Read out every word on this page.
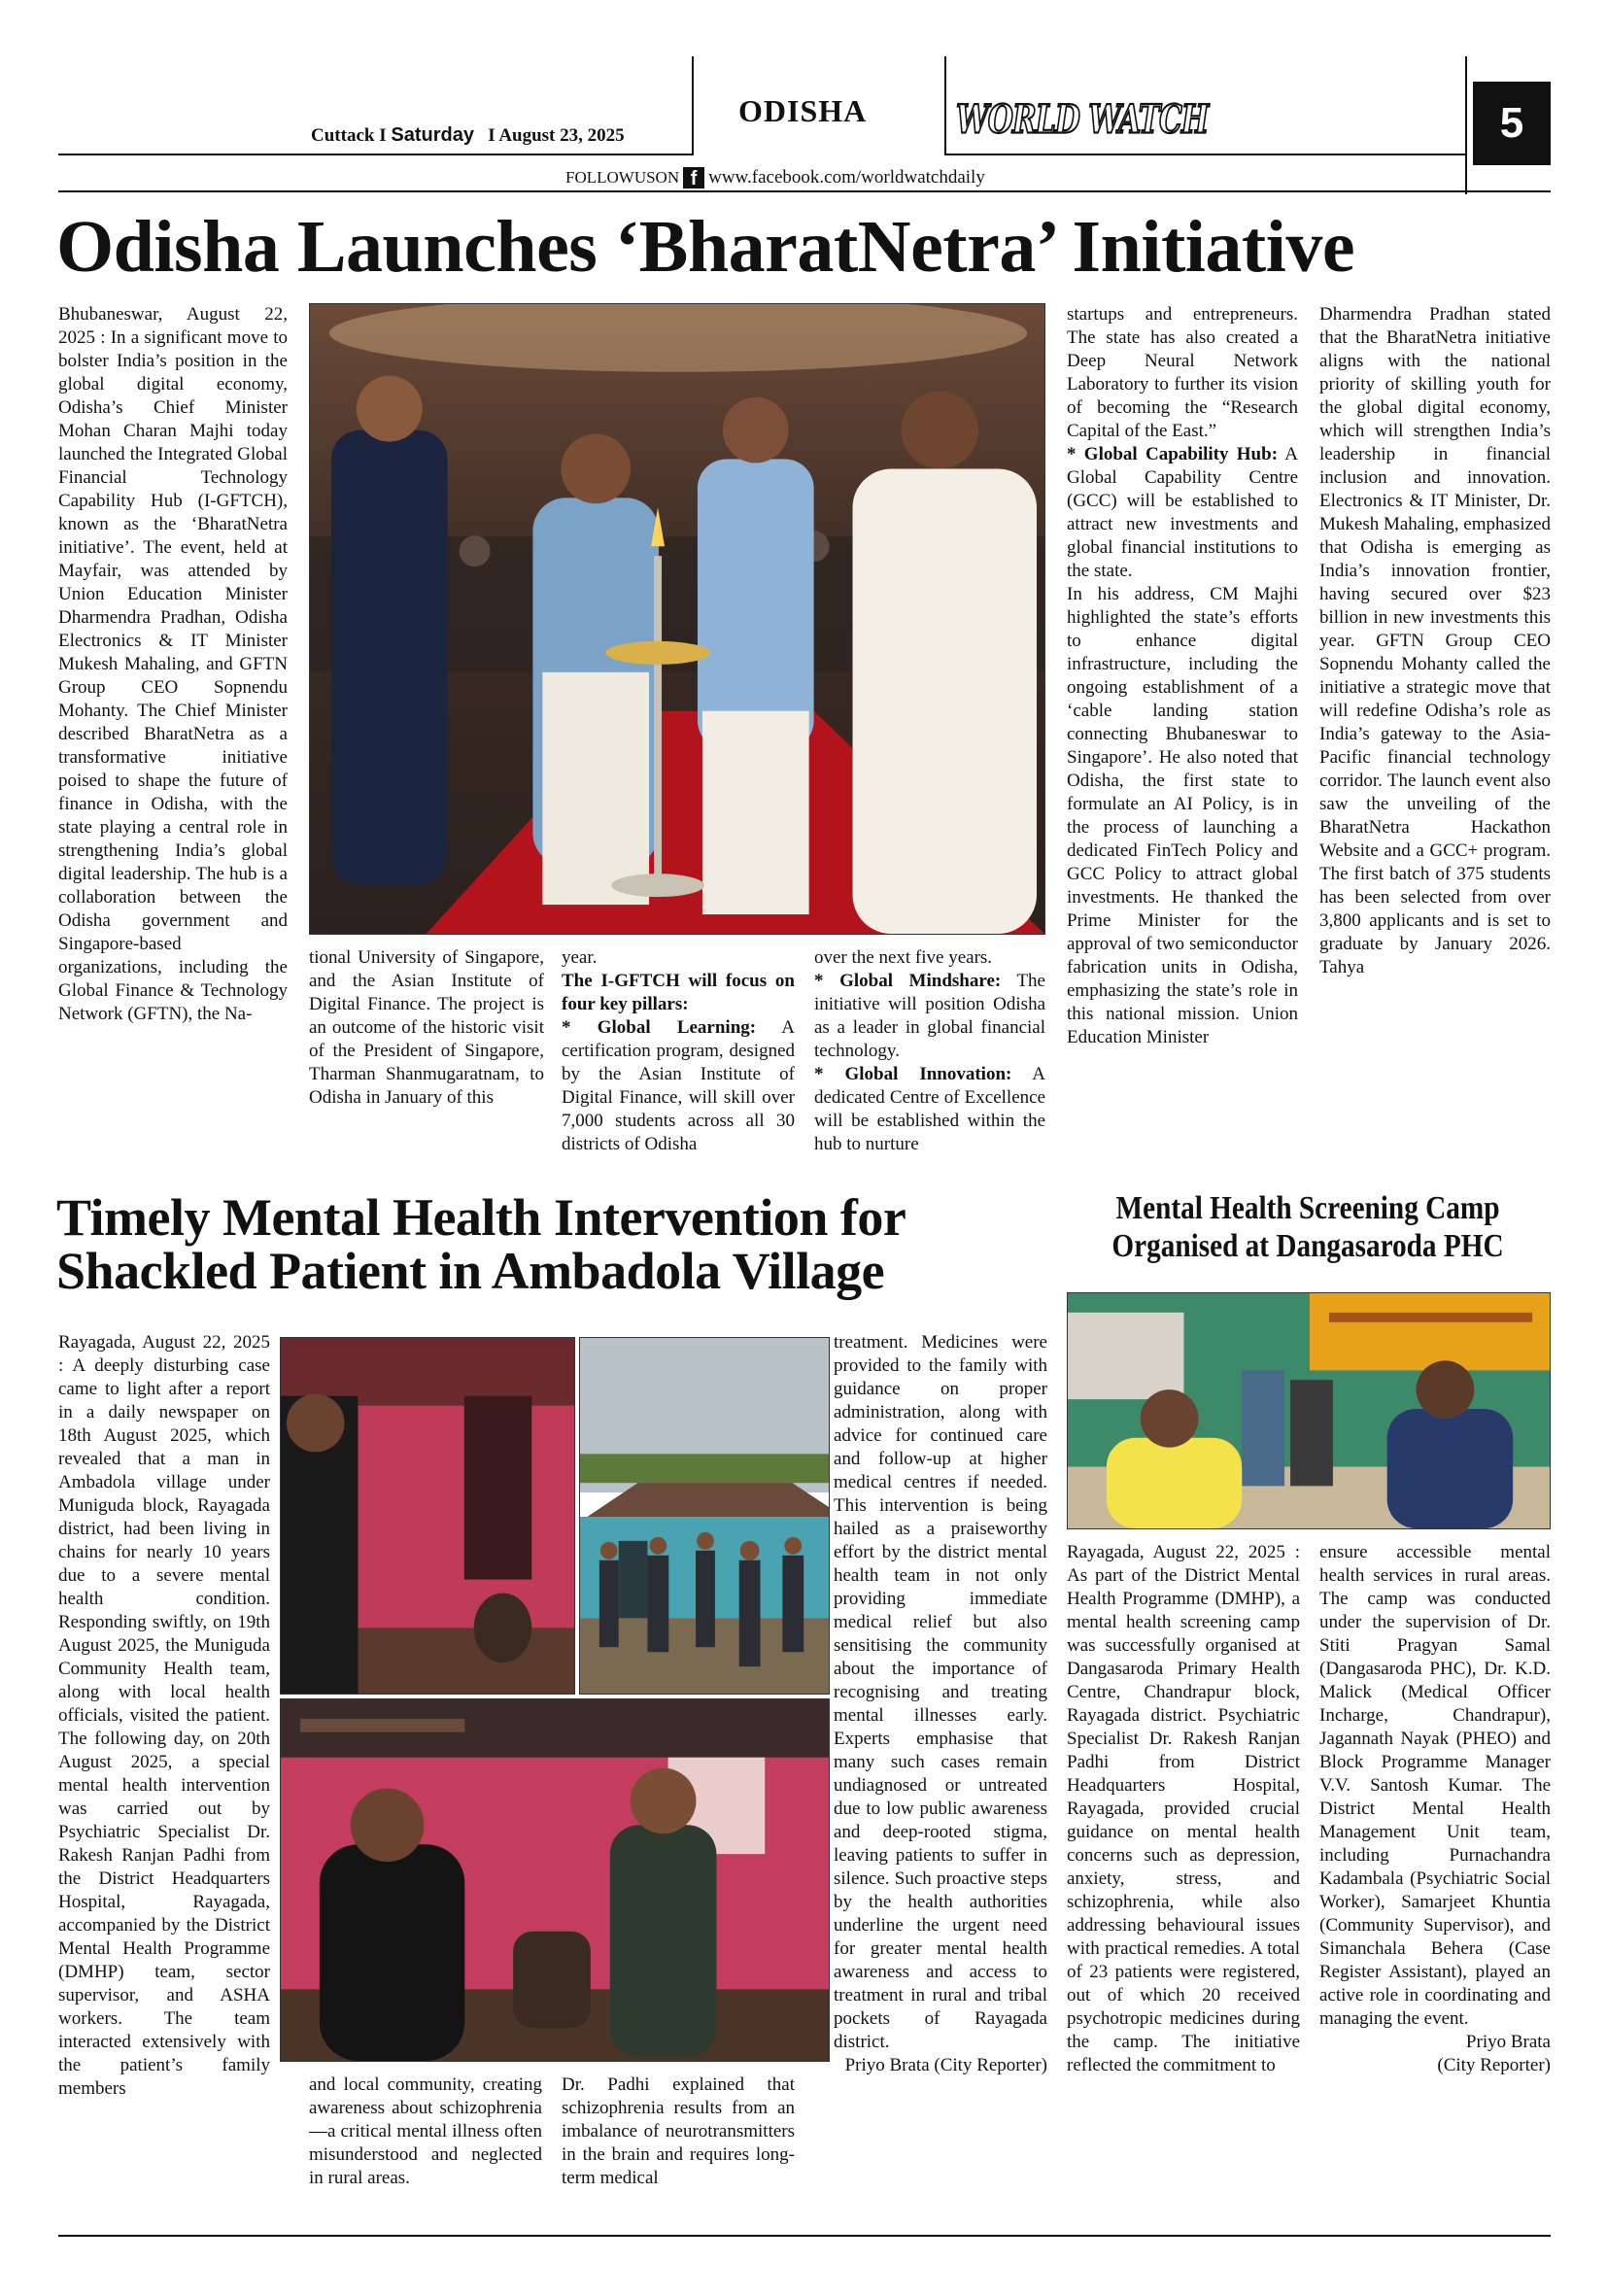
Cuttack I Saturday   I August 23, 2025
ODISHA	WORLD WATCH	5
FOLLOWUSON f www.facebook.com/worldwatchdaily
Odisha Launches ‘BharatNetra’ Initiative

Bhubaneswar, August 22, 2025 : In a significant move to bolster India’s position in the global digital economy, Odisha’s Chief Minister Mohan Charan Majhi today launched the Integrated Global Financial Technology Capability Hub (I-GFTCH), known as the ‘BharatNetra initiative’. The event, held at Mayfair, was attended by Union Education Minister Dharmendra Pradhan, Odisha Electronics & IT Minister Mukesh Mahaling, and GFTN Group CEO Sopnendu Mohanty. The Chief Minister described BharatNetra as a transformative initiative poised to shape the future of finance in Odisha, with the state playing a central role in strengthening India’s global digital leadership. The hub is a collaboration between the Odisha government and Singapore-based organizations, including the Global Finance & Technology Network (GFTN), the Na-

tional University of Singapore, and the Asian Institute of Digital Finance. The project is an outcome of the historic visit of the President of Singapore, Tharman Shanmugaratnam, to Odisha in January of this

year.

The I-GFTCH will focus on four key pillars:

* Global Learning: A certification program, designed by the Asian Institute of Digital Finance, will skill over 7,000 students across all 30 districts of Odisha

over the next five years.

* Global Mindshare: The initiative will position Odisha as a leader in global financial technology.

* Global Innovation: A dedicated Centre of Excellence will be established within the hub to nurture

startups and entrepreneurs. The state has also created a Deep Neural Network Laboratory to further its vision of becoming the “Research Capital of the East.”

* Global Capability Hub: A Global Capability Centre (GCC) will be established to attract new investments and global financial institutions to the state.

In his address, CM Majhi highlighted the state’s efforts to enhance digital infrastructure, including the ongoing establishment of a ‘cable landing station connecting Bhubaneswar to Singapore’. He also noted that Odisha, the first state to formulate an AI Policy, is in the process of launching a dedicated FinTech Policy and GCC Policy to attract global investments. He thanked the Prime Minister for the approval of two semiconductor fabrication units in Odisha, emphasizing the state’s role in this national mission. Union Education Minister

Dharmendra Pradhan stated that the BharatNetra initiative aligns with the national priority of skilling youth for the global digital economy, which will strengthen India’s leadership in financial inclusion and innovation. Electronics & IT Minister, Dr. Mukesh Mahaling, emphasized that Odisha is emerging as India’s innovation frontier, having secured over $23 billion in new investments this year. GFTN Group CEO Sopnendu Mohanty called the initiative a strategic move that will redefine Odisha’s role as India’s gateway to the Asia-Pacific financial technology corridor. The launch event also saw the unveiling of the BharatNetra Hackathon Website and a GCC+ program. The first batch of 375 students has been selected from over 3,800 applicants and is set to graduate by January 2026. Tahya

Timely Mental Health Intervention for
Shackled Patient in Ambadola Village

Rayagada, August 22, 2025 : A deeply disturbing case came to light after a report in a daily newspaper on 18th August 2025, which revealed that a man in Ambadola village under Muniguda block, Rayagada district, had been living in chains for nearly 10 years due to a severe mental health condition. Responding swiftly, on 19th August 2025, the Muniguda Community Health team, along with local health officials, visited the patient. The following day, on 20th August 2025, a special mental health intervention was carried out by Psychiatric Specialist Dr. Rakesh Ranjan Padhi from the District Headquarters Hospital, Rayagada, accompanied by the District Mental Health Programme (DMHP) team, sector supervisor, and ASHA workers. The team interacted extensively with the patient’s family members	and local community, creating awareness about schizophrenia—a critical mental illness often misunderstood and neglected in rural areas.

Dr. Padhi explained that schizophrenia results from an imbalance of neurotransmitters in the brain and requires long-term medical

treatment. Medicines were provided to the family with guidance on proper administration, along with advice for continued care and follow-up at higher medical centres if needed. This intervention is being hailed as a praiseworthy effort by the district mental health team in not only providing immediate medical relief but also sensitising the community about the importance of recognising and treating mental illnesses early. Experts emphasise that many such cases remain undiagnosed or untreated due to low public awareness and deep-rooted stigma, leaving patients to suffer in silence. Such proactive steps by the health authorities underline the urgent need for greater mental health awareness and access to treatment in rural and tribal pockets of Rayagada district.

Priyo Brata (City Reporter)

Mental Health Screening Camp
Organised at Dangasaroda PHC

Rayagada, August 22, 2025 : As part of the District Mental Health Programme (DMHP), a mental health screening camp was successfully organised at Dangasaroda Primary Health Centre, Chandrapur block, Rayagada district. Psychiatric Specialist Dr. Rakesh Ranjan Padhi from District Headquarters Hospital, Rayagada, provided crucial guidance on mental health concerns such as depression, anxiety, stress, and schizophrenia, while also addressing behavioural issues with practical remedies. A total of 23 patients were registered, out of which 20 received psychotropic medicines during the camp. The initiative reflected the commitment to

ensure accessible mental health services in rural areas. The camp was conducted under the supervision of Dr. Stiti Pragyan Samal (Dangasaroda PHC), Dr. K.D. Malick (Medical Officer Incharge, Chandrapur), Jagannath Nayak (PHEO) and Block Programme Manager V.V. Santosh Kumar. The District Mental Health Management Unit team, including Purnachandra Kadambala (Psychiatric Social Worker), Samarjeet Khuntia (Community Supervisor), and Simanchala Behera (Case Register Assistant), played an active role in coordinating and managing the event.

Priyo Brata

(City Reporter)
